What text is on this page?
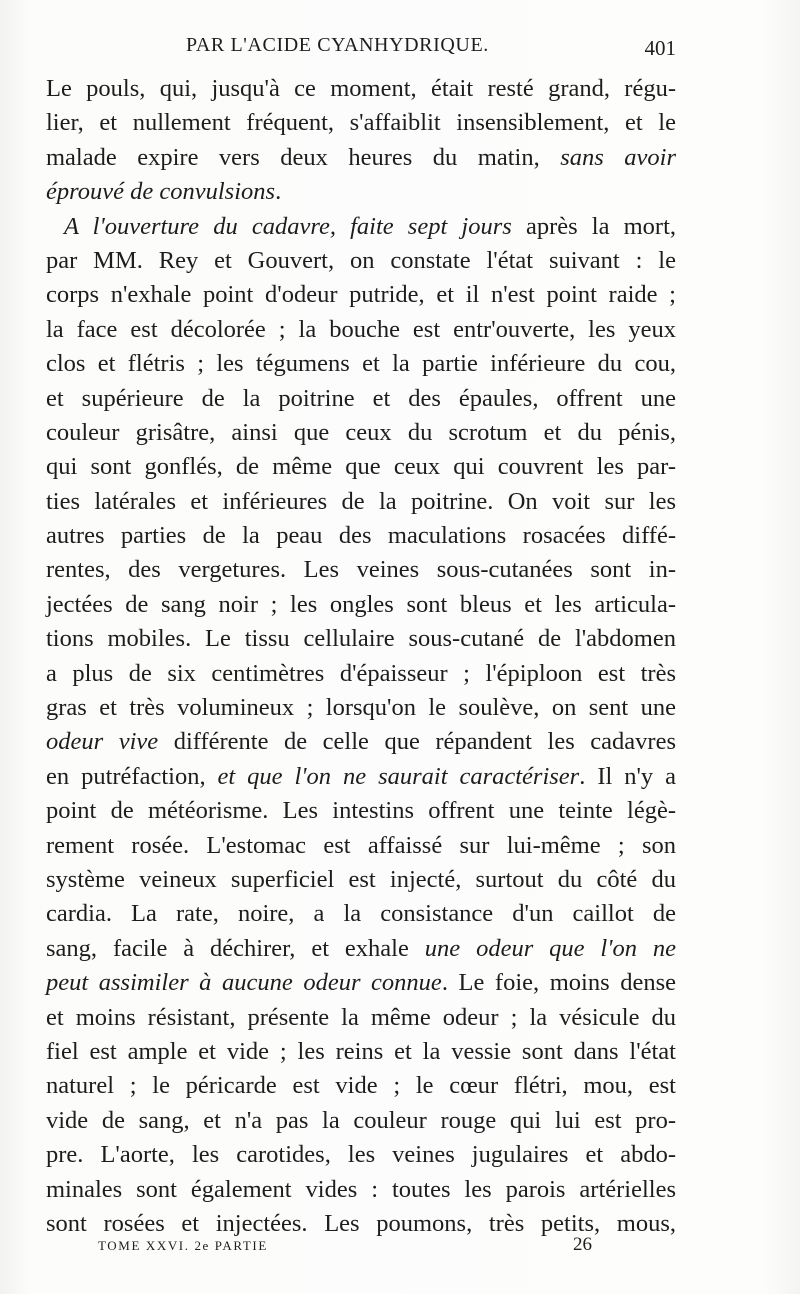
PAR L'ACIDE CYANHYDRIQUE.	401
Le pouls, qui, jusqu'à ce moment, était resté grand, régu-
lier, et nullement fréquent, s'affaiblit insensiblement, et le
malade expire vers deux heures du matin, sans avoir
éprouvé de convulsions.
A l'ouverture du cadavre, faite sept jours après la mort,
par MM. Rey et Gouvert, on constate l'état suivant : le
corps n'exhale point d'odeur putride, et il n'est point raide ;
la face est décolorée ; la bouche est entr'ouverte, les yeux
clos et flétris ; les tégumens et la partie inférieure du cou,
et supérieure de la poitrine et des épaules, offrent une
couleur grisâtre, ainsi que ceux du scrotum et du pénis,
qui sont gonflés, de même que ceux qui couvrent les par-
ties latérales et inférieures de la poitrine. On voit sur les
autres parties de la peau des maculations rosacées diffé-
rentes, des vergetures. Les veines sous-cutanées sont in-
jectées de sang noir ; les ongles sont bleus et les articula-
tions mobiles. Le tissu cellulaire sous-cutané de l'abdomen
a plus de six centimètres d'épaisseur ; l'épiploon est très
gras et très volumineux ; lorsqu'on le soulève, on sent une
odeur vive différente de celle que répandent les cadavres
en putréfaction, et que l'on ne saurait caractériser. Il n'y a
point de météorisme. Les intestins offrent une teinte légè-
rement rosée. L'estomac est affaissé sur lui-même ; son
système veineux superficiel est injecté, surtout du côté du
cardia. La rate, noire, a la consistance d'un caillot de
sang, facile à déchirer, et exhale une odeur que l'on ne
peut assimiler à aucune odeur connue. Le foie, moins dense
et moins résistant, présente la même odeur ; la vésicule du
fiel est ample et vide ; les reins et la vessie sont dans l'état
naturel ; le péricarde est vide ; le cœur flétri, mou, est
vide de sang, et n'a pas la couleur rouge qui lui est pro-
pre. L'aorte, les carotides, les veines jugulaires et abdo-
minales sont également vides : toutes les parois artérielles
sont rosées et injectées. Les poumons, très petits, mous,
TOME XXVI. 2e PARTIE	26
